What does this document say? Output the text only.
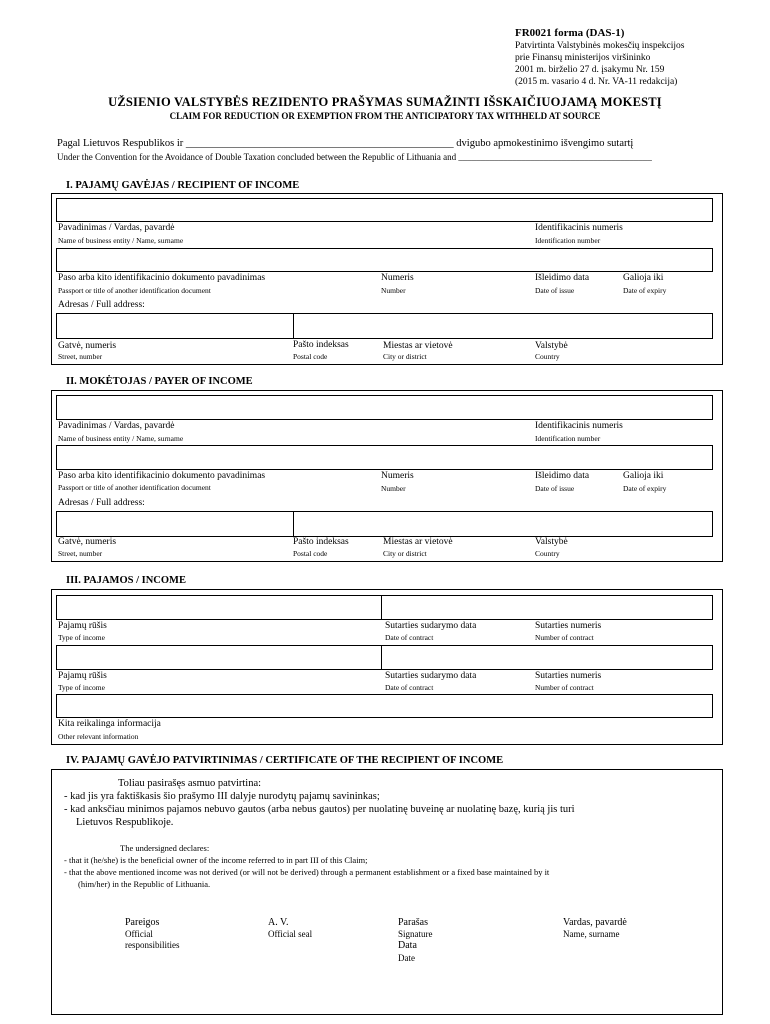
FR0021 forma (DAS-1)
Patvirtinta Valstybinės mokesčių inspekcijos
prie Finansų ministerijos viršininko
2001 m. birželio 27 d. įsakymu Nr. 159
(2015 m. vasario 4 d. Nr. VA-11 redakcija)
UŽSIENIO VALSTYBĖS REZIDENTO PRAŠYMAS SUMAŽINTI IŠSKAIČIUOJAMĄ MOKESTĮ
CLAIM FOR REDUCTION OR EXEMPTION FROM THE ANTICIPATORY TAX WITHHELD AT SOURCE
Pagal Lietuvos Respublikos ir ___________________________________________________ dvigubo apmokestinimo išvengimo sutartį
Under the Convention for the Avoidance of Double Taxation concluded between the Republic of Lithuania and ___________________________________________
I. PAJAMŲ GAVĖJAS / RECIPIENT OF INCOME
Pavadinimas / Vardas, pavardė
Name of business entity / Name, surname
Identifikacinis numeris
Identification number
Paso arba kito identifikacinio dokumento pavadinimas
Passport or title of another identification document
Numeris
Number
Išleidimo data
Date of issue
Galioja iki
Date of expiry
Adresas / Full address:
Gatvė, numeris
Street, number
Pašto indeksas
Postal code
Miestas ar vietovė
City or district
Valstybė
Country
II. MOKĖTOJAS / PAYER OF INCOME
Pavadinimas / Vardas, pavardė
Name of business entity / Name, surname
Identifikacinis numeris
Identification number
Paso arba kito identifikacinio dokumento pavadinimas
Passport or title of another identification document
Numeris
Number
Išleidimo data
Date of issue
Galioja iki
Date of expiry
Adresas / Full address:
Gatvė, numeris
Street, number
Pašto indeksas
Postal code
Miestas ar vietovė
City or district
Valstybė
Country
III. PAJAMOS / INCOME
Pajamų rūšis
Type of income
Sutarties sudarymo data
Date of contract
Sutarties numeris
Number of contract
Pajamų rūšis
Type of income
Sutarties sudarymo data
Date of contract
Sutarties numeris
Number of contract
Kita reikalinga informacija
Other relevant information
IV. PAJAMŲ GAVĖJO PATVIRTINIMAS / CERTIFICATE OF THE RECIPIENT OF INCOME
Toliau pasirašęs asmuo patvirtina:
- kad jis yra faktiškasis šio prašymo III dalyje nurodytų pajamų savininkas;
- kad anksčiau minimos pajamos nebuvo gautos (arba nebus gautos) per nuolatinę buveinę ar nuolatinę bazę, kurią jis turi
Lietuvos Respublikoje.
The undersigned declares:
- that it (he/she) is the beneficial owner of the income referred to in part III of this Claim;
- that the above mentioned income was not derived (or will not be derived) through a permanent establishment or a fixed base maintained by it
(him/her) in the Republic of Lithuania.
Pareigos
Official
responsibilities
A. V.
Official seal
Parašas
Signature
Data
Date
Vardas, pavardė
Name, surname
